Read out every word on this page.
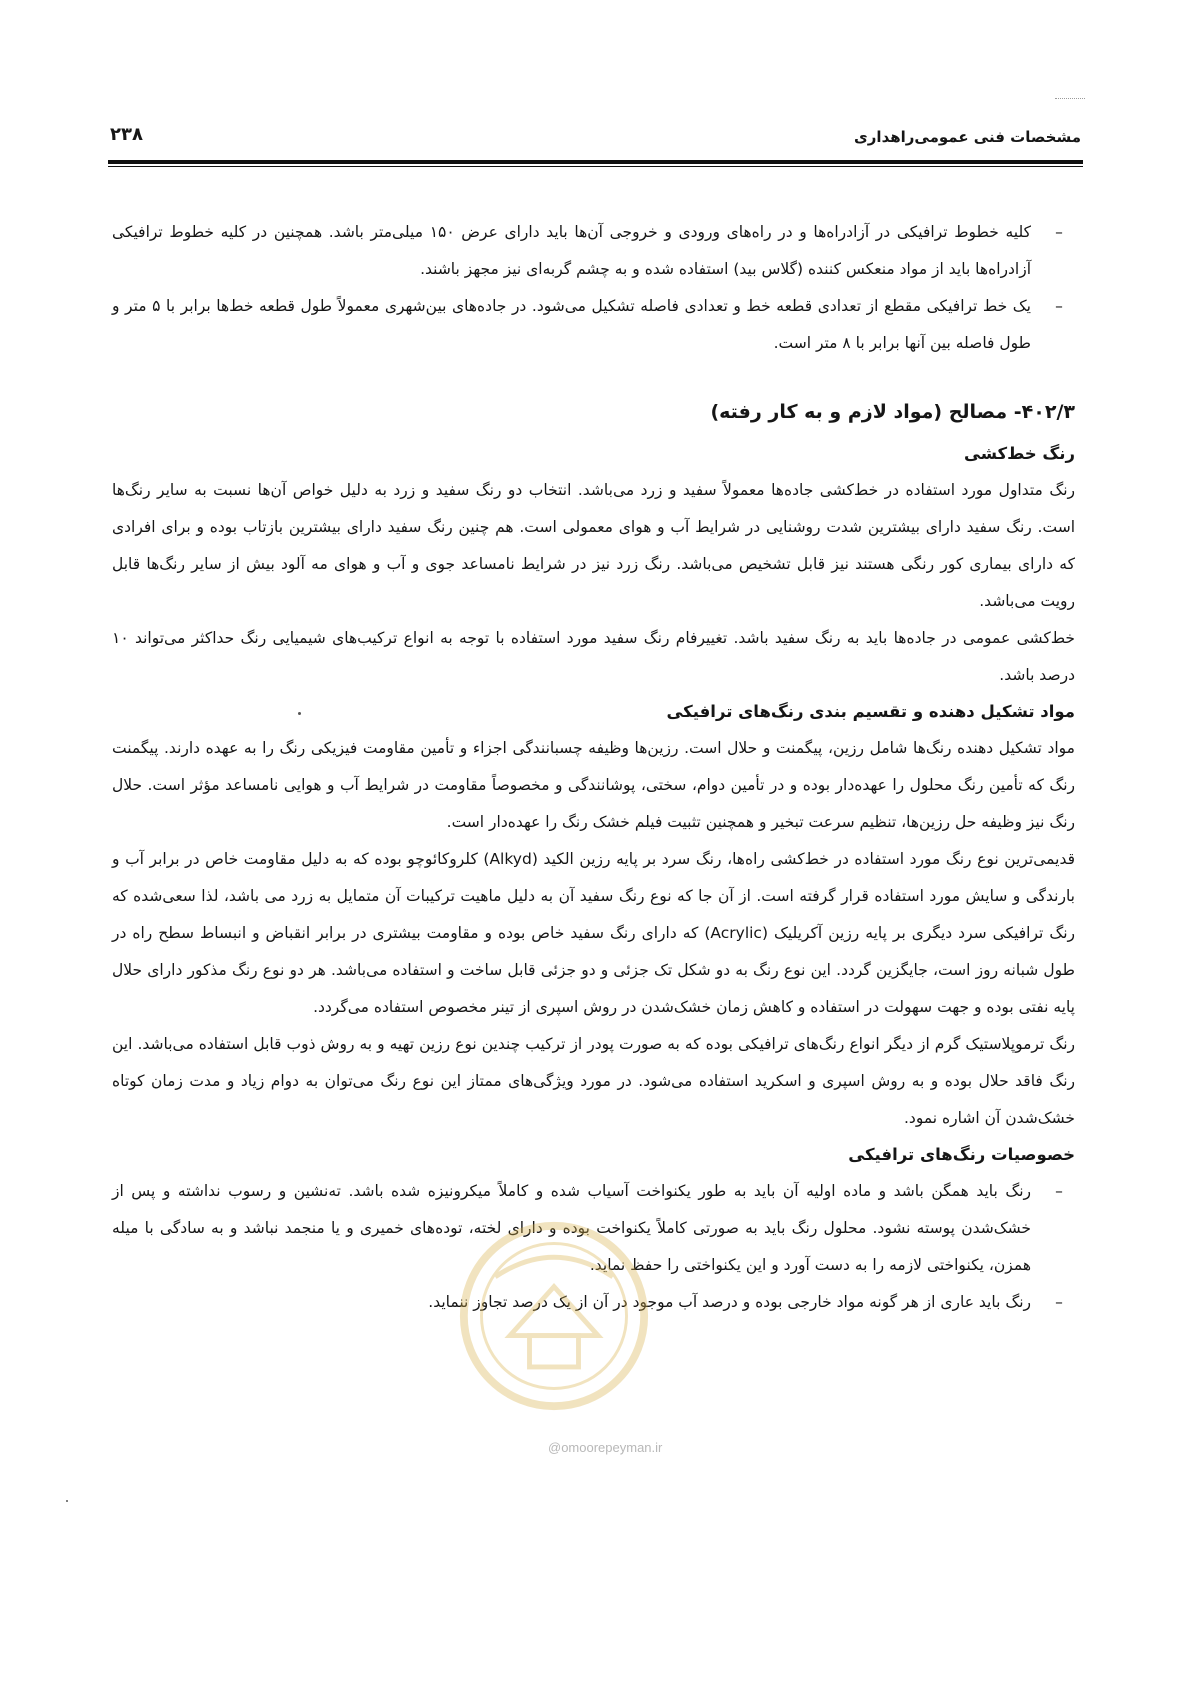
مشخصات فنی عمومی‌راهداری
۲۳۸
–
کلیه خطوط ترافیکی در آزادراه‌ها و در راه‌های ورودی و خروجی آن‌ها باید دارای عرض ۱۵۰ میلی‌متر باشد. همچنین در کلیه خطوط ترافیکی آزادراه‌ها باید از مواد منعکس کننده (گلاس بید) استفاده شده و به چشم گربه‌ای نیز مجهز باشند.
–
یک خط ترافیکی مقطع از تعدادی قطعه خط و تعدادی فاصله تشکیل می‌شود. در جاده‌های بین‌شهری معمولاً طول قطعه خط‌ها برابر با ۵ متر و طول فاصله بین آنها برابر با ۸ متر است.
۴۰۲/۳- مصالح (مواد لازم و به کار رفته)
رنگ خط‌کشی

رنگ متداول مورد استفاده در خط‌کشی جاده‌ها معمولاً سفید و زرد می‌باشد. انتخاب دو رنگ سفید و زرد به دلیل خواص آن‌ها نسبت به سایر رنگ‌ها است. رنگ سفید دارای بیشترین شدت روشنایی در شرایط آب و هوای معمولی است. هم چنین رنگ سفید دارای بیشترین بازتاب بوده و برای افرادی که دارای بیماری کور رنگی هستند نیز قابل تشخیص می‌باشد. رنگ زرد نیز در شرایط نامساعد جوی و آب و هوای مه آلود بیش از سایر رنگ‌ها قابل رویت می‌باشد.

خط‌کشی عمومی در جاده‌ها باید به رنگ سفید باشد. تغییرفام رنگ سفید مورد استفاده با توجه به انواع ترکیب‌های شیمیایی رنگ حداکثر می‌تواند ۱۰ درصد باشد.

مواد تشکیل دهنده و تقسیم بندی رنگ‌های ترافیکی

مواد تشکیل دهنده رنگ‌ها شامل رزین، پیگمنت و حلال است. رزین‌ها وظیفه چسبانندگی اجزاء و تأمین مقاومت فیزیکی رنگ را به عهده دارند. پیگمنت رنگ که تأمین رنگ محلول را عهده‌دار بوده و در تأمین دوام، سختی، پوشانندگی و مخصوصاً مقاومت در شرایط آب و هوایی نامساعد مؤثر است. حلال رنگ نیز وظیفه حل رزین‌ها، تنظیم سرعت تبخیر و همچنین تثبیت فیلم خشک رنگ را عهده‌دار است.

قدیمی‌ترین نوع رنگ مورد استفاده در خط‌کشی راه‌ها، رنگ سرد بر پایه رزین الکید (Alkyd) کلروکائوچو بوده که به دلیل مقاومت خاص در برابر آب و بارندگی و سایش مورد استفاده قرار گرفته است. از آن جا که نوع رنگ سفید آن به دلیل ماهیت ترکیبات آن متمایل به زرد می باشد، لذا سعی‌شده که رنگ ترافیکی سرد دیگری بر پایه رزین آکریلیک (Acrylic) که دارای رنگ سفید خاص بوده و مقاومت بیشتری در برابر انقباض و انبساط سطح راه در طول شبانه روز است، جایگزین گردد. این نوع رنگ به دو شکل تک جزئی و دو جزئی قابل ساخت و استفاده می‌باشد. هر دو نوع رنگ مذکور دارای حلال پایه نفتی بوده و جهت سهولت در استفاده و کاهش زمان خشک‌شدن در روش اسپری از تینر مخصوص استفاده می‌گردد.

رنگ ترموپلاستیک گرم از دیگر انواع رنگ‌های ترافیکی بوده که به صورت پودر از ترکیب چندین نوع رزین تهیه و به روش ذوب قابل استفاده می‌باشد. این رنگ فاقد حلال بوده و به روش اسپری و اسکرید استفاده می‌شود. در مورد ویژگی‌های ممتاز این نوع رنگ می‌توان به دوام زیاد و مدت زمان کوتاه خشک‌شدن آن اشاره نمود.

خصوصیات رنگ‌های ترافیکی
–
رنگ باید همگن باشد و ماده اولیه آن باید به طور یکنواخت آسیاب شده و کاملاً میکرونیزه شده باشد. ته‌نشین و رسوب نداشته و پس از خشک‌شدن پوسته نشود. محلول رنگ باید به صورتی کاملاً یکنواخت بوده و دارای لخته، توده‌های خمیری و یا منجمد نباشد و به سادگی با میله همزن، یکنواختی لازمه را به دست آورد و این یکنواختی را حفظ نماید.
–
رنگ باید عاری از هر گونه مواد خارجی بوده و درصد آب موجود در آن از یک درصد تجاوز ننماید.
@omoorepeyman.ir
